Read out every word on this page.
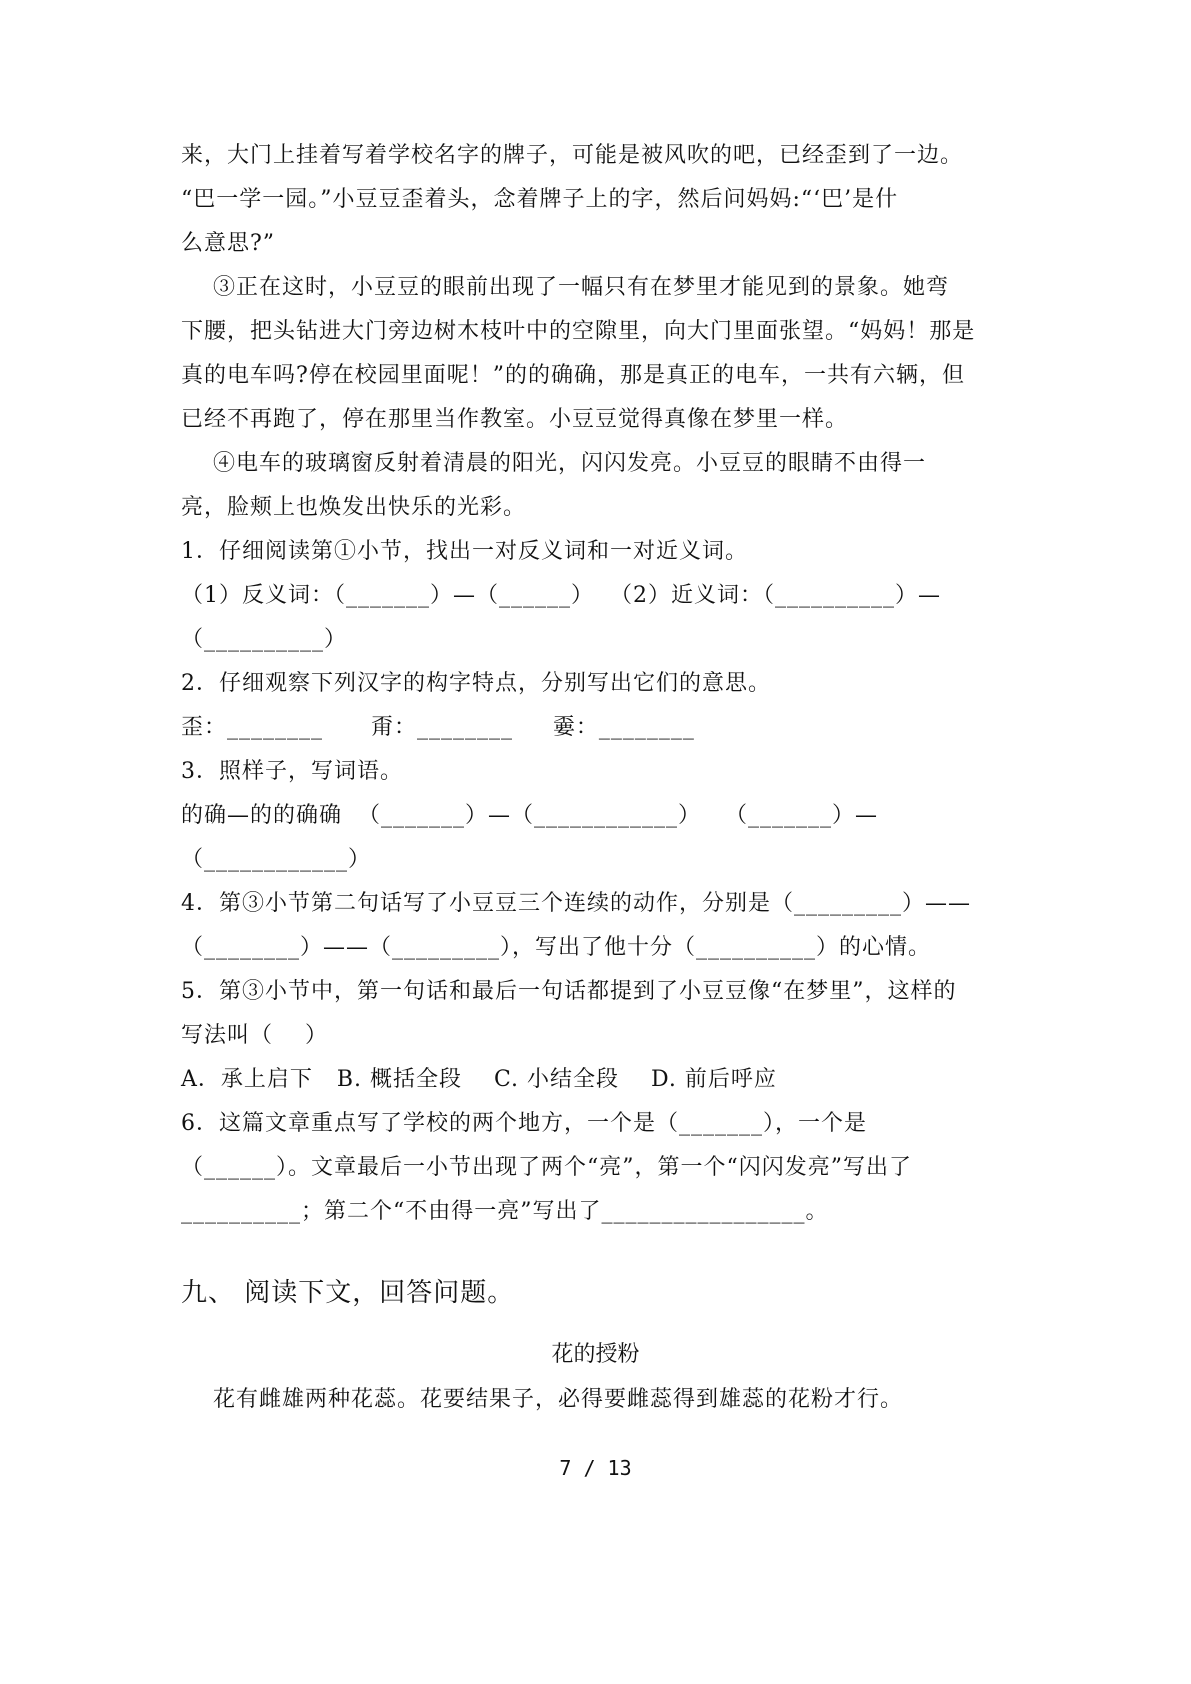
来，大门上挂着写着学校名字的牌子，可能是被风吹的吧，已经歪到了一边。
“巴一学一园。”小豆豆歪着头，念着牌子上的字，然后问妈妈:“‘巴’是什
么意思?”
③正在这时，小豆豆的眼前出现了一幅只有在梦里才能见到的景象。她弯
下腰，把头钻进大门旁边树木枝叶中的空隙里，向大门里面张望。“妈妈！那是
真的电车吗?停在校园里面呢！”的的确确，那是真正的电车，一共有六辆，但
已经不再跑了，停在那里当作教室。小豆豆觉得真像在梦里一样。
④电车的玻璃窗反射着清晨的阳光，闪闪发亮。小豆豆的眼睛不由得一
亮，脸颊上也焕发出快乐的光彩。
1．仔细阅读第①小节，找出一对反义词和一对近义词。
（1）反义词：（_______）—（______）  （2）近义词：（__________）—
（__________）
2．仔细观察下列汉字的构字特点，分别写出它们的意思。
歪：________      甭：________     嫑：________
3．照样子，写词语。
的确—的的确确  （_______）—（____________）   （_______）—
（____________）
4．第③小节第二句话写了小豆豆三个连续的动作，分别是（_________）——
（________）——（_________），写出了他十分（__________）的心情。
5．第③小节中，第一句话和最后一句话都提到了小豆豆像“在梦里”，这样的
写法叫（    ）
A．承上启下   B. 概括全段    C. 小结全段    D. 前后呼应
6．这篇文章重点写了学校的两个地方，一个是（_______），一个是
（______）。文章最后一小节出现了两个“亮”，第一个“闪闪发亮”写出了
__________；第二个“不由得一亮”写出了_________________。
九、 阅读下文，回答问题。
花的授粉
花有雌雄两种花蕊。花要结果子，必得要雌蕊得到雄蕊的花粉才行。
7 / 13
